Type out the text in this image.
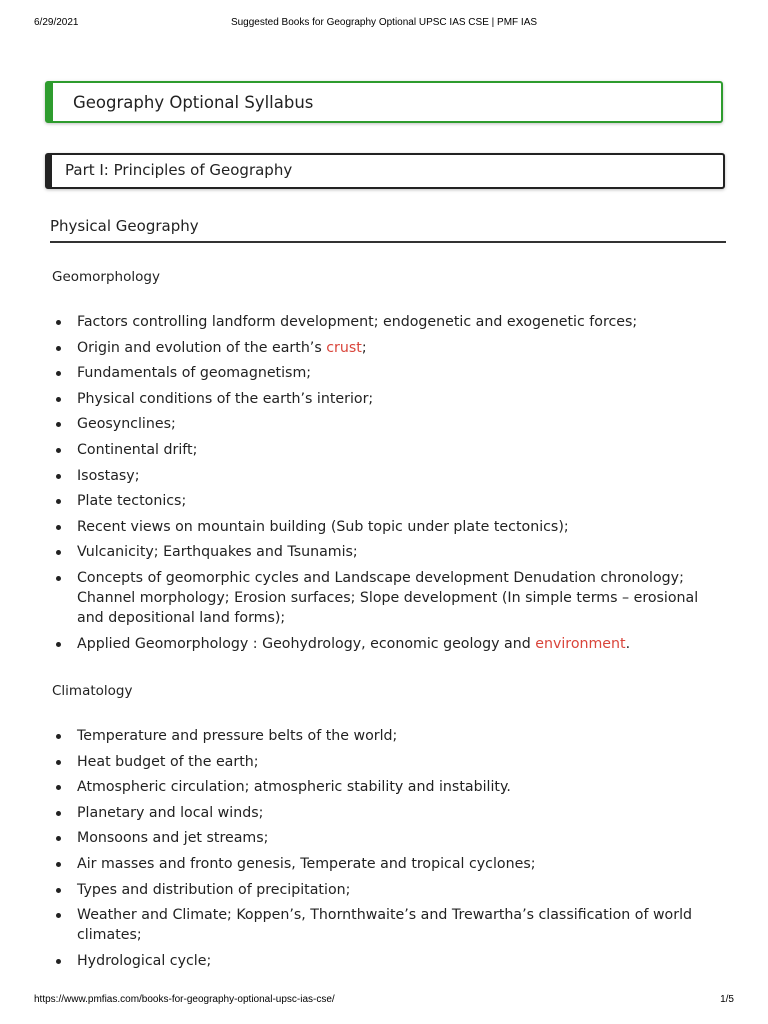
6/29/2021	Suggested Books for Geography Optional UPSC IAS CSE | PMF IAS
Geography Optional Syllabus
Part I: Principles of Geography
Physical Geography
Geomorphology
Factors controlling landform development; endogenetic and exogenetic forces;
Origin and evolution of the earth’s crust;
Fundamentals of geomagnetism;
Physical conditions of the earth’s interior;
Geosynclines;
Continental drift;
Isostasy;
Plate tectonics;
Recent views on mountain building (Sub topic under plate tectonics);
Vulcanicity; Earthquakes and Tsunamis;
Concepts of geomorphic cycles and Landscape development Denudation chronology; Channel morphology; Erosion surfaces; Slope development (In simple terms – erosional and depositional land forms);
Applied Geomorphology : Geohydrology, economic geology and environment.
Climatology
Temperature and pressure belts of the world;
Heat budget of the earth;
Atmospheric circulation; atmospheric stability and instability.
Planetary and local winds;
Monsoons and jet streams;
Air masses and fronto genesis, Temperate and tropical cyclones;
Types and distribution of precipitation;
Weather and Climate; Koppen’s, Thornthwaite’s and Trewartha’s classification of world climates;
Hydrological cycle;
https://www.pmfias.com/books-for-geography-optional-upsc-ias-cse/	1/5
